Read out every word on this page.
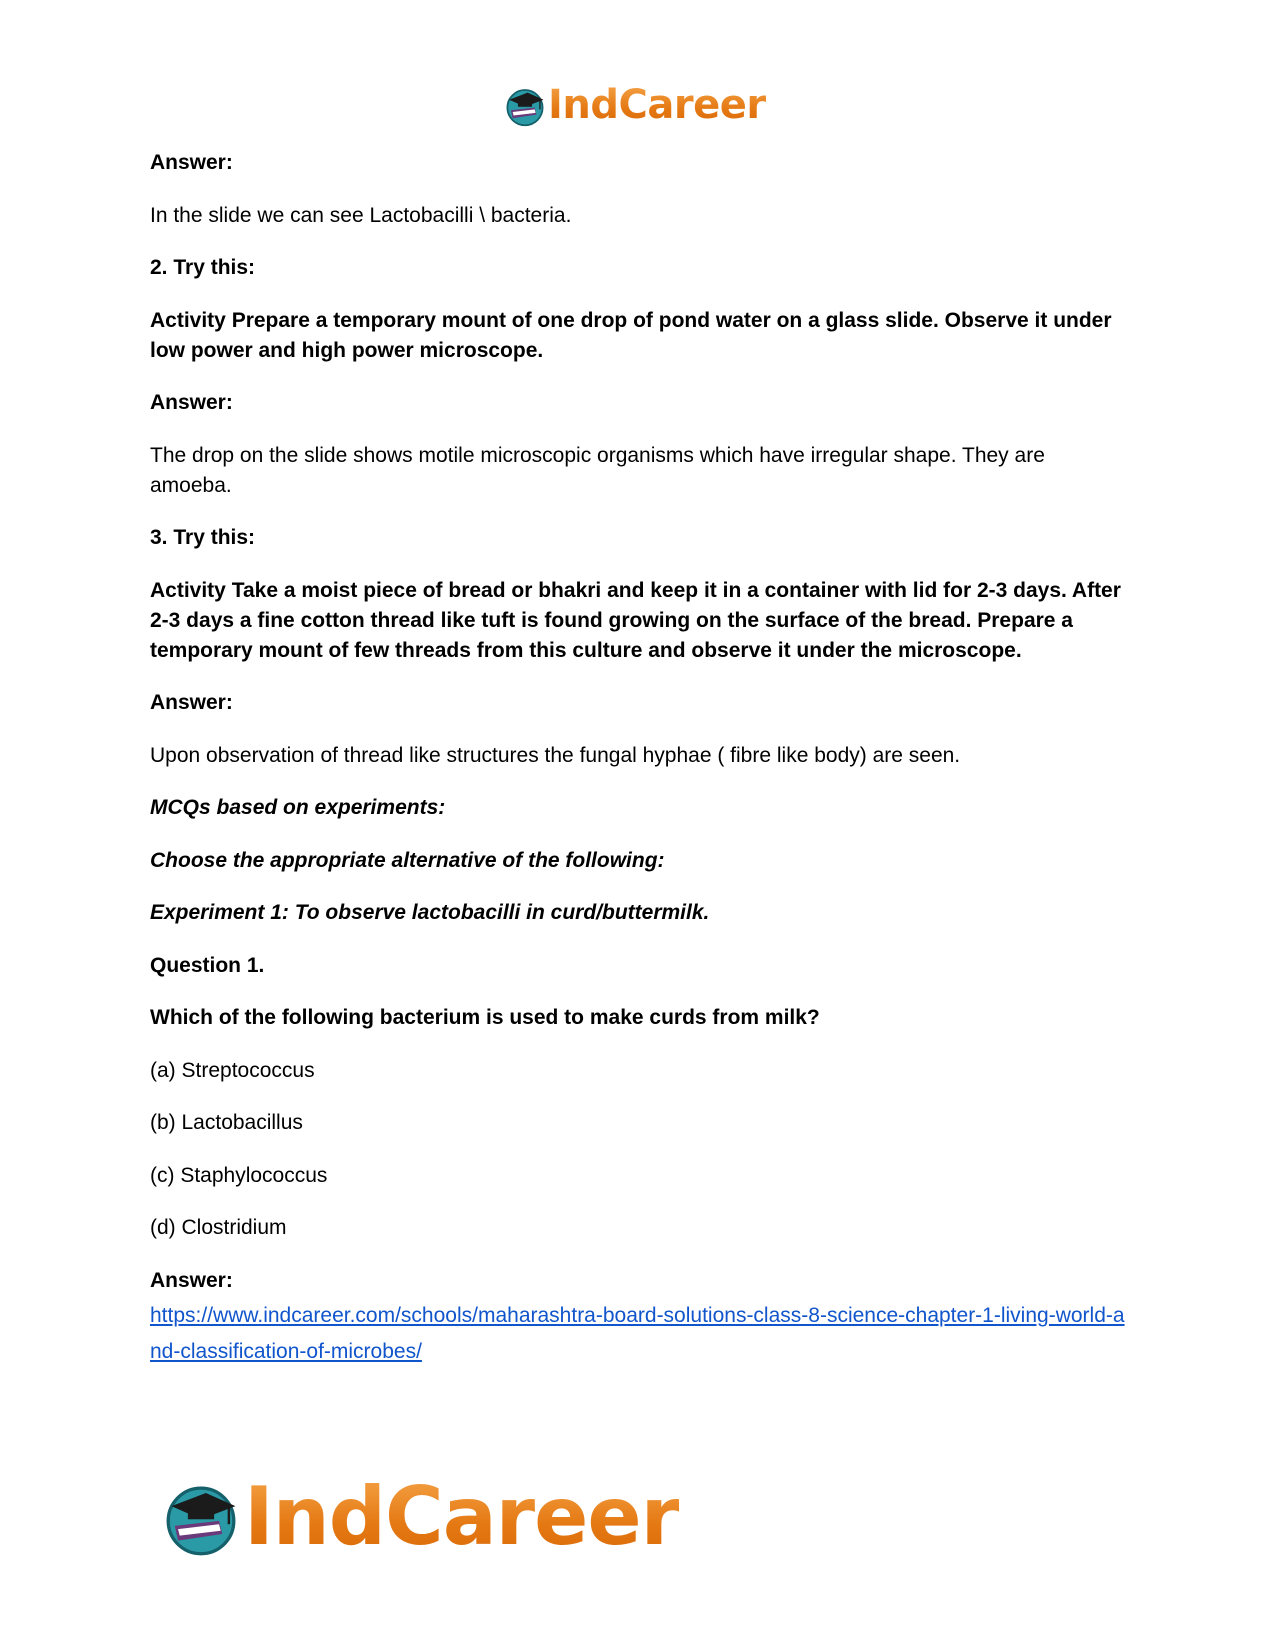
IndCareer

Answer:

In the slide we can see Lactobacilli \ bacteria.

2. Try this:

Activity Prepare a temporary mount of one drop of pond water on a glass slide. Observe it under low power and high power microscope.

Answer:

The drop on the slide shows motile microscopic organisms which have irregular shape. They are amoeba.

3. Try this:

Activity Take a moist piece of bread or bhakri and keep it in a container with lid for 2-3 days. After 2-3 days a fine cotton thread like tuft is found growing on the surface of the bread. Prepare a temporary mount of few threads from this culture and observe it under the microscope.

Answer:

Upon observation of thread like structures the fungal hyphae ( fibre like body) are seen.

MCQs based on experiments:

Choose the appropriate alternative of the following:

Experiment 1: To observe lactobacilli in curd/buttermilk.

Question 1.

Which of the following bacterium is used to make curds from milk?

(a) Streptococcus

(b) Lactobacillus

(c) Staphylococcus

(d) Clostridium

Answer:

https://www.indcareer.com/schools/maharashtra-board-solutions-class-8-science-chapter-1-living-world-and-classification-of-microbes/
IndCareer
